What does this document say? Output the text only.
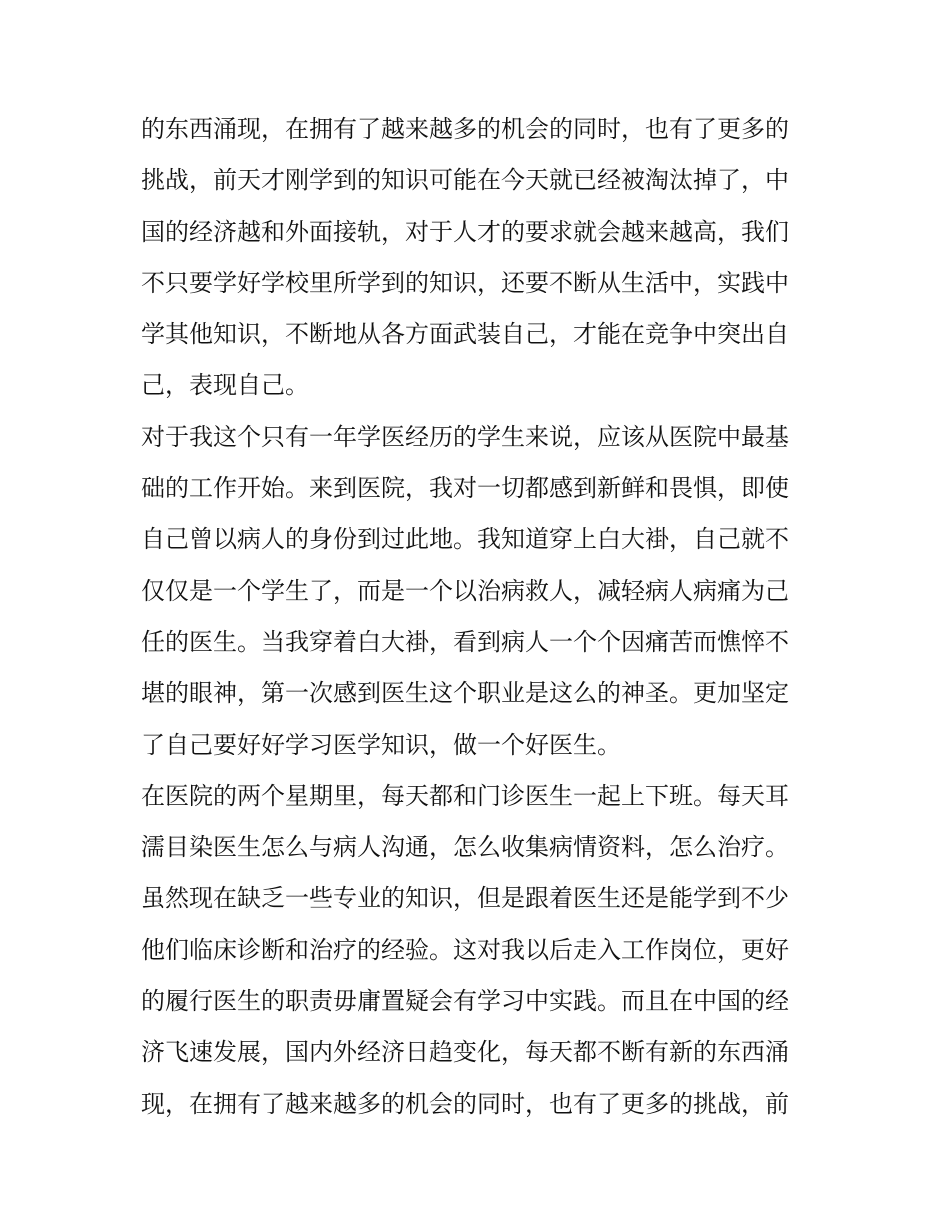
的东西涌现，在拥有了越来越多的机会的同时，也有了更多的
挑战，前天才刚学到的知识可能在今天就已经被淘汰掉了，中
国的经济越和外面接轨，对于人才的要求就会越来越高，我们
不只要学好学校里所学到的知识，还要不断从生活中，实践中
学其他知识，不断地从各方面武装自己，才能在竞争中突出自
己，表现自己。
对于我这个只有一年学医经历的学生来说，应该从医院中最基
础的工作开始。来到医院，我对一切都感到新鲜和畏惧，即使
自己曾以病人的身份到过此地。我知道穿上白大褂，自己就不
仅仅是一个学生了，而是一个以治病救人，减轻病人病痛为己
任的医生。当我穿着白大褂，看到病人一个个因痛苦而憔悴不
堪的眼神，第一次感到医生这个职业是这么的神圣。更加坚定
了自己要好好学习医学知识，做一个好医生。
在医院的两个星期里，每天都和门诊医生一起上下班。每天耳
濡目染医生怎么与病人沟通，怎么收集病情资料，怎么治疗。
虽然现在缺乏一些专业的知识，但是跟着医生还是能学到不少
他们临床诊断和治疗的经验。这对我以后走入工作岗位，更好
的履行医生的职责毋庸置疑会有学习中实践。而且在中国的经
济飞速发展，国内外经济日趋变化，每天都不断有新的东西涌
现，在拥有了越来越多的机会的同时，也有了更多的挑战，前
